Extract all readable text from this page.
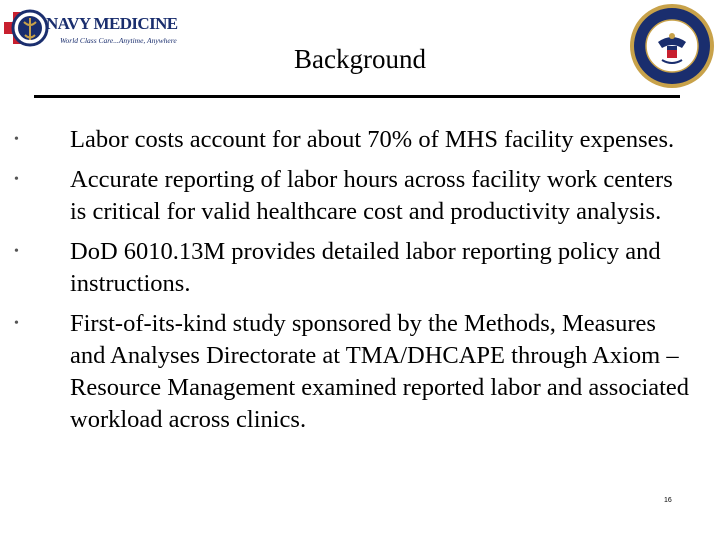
NAVY MEDICINE
World Class Care...Anytime, Anywhere
Background
• Labor costs account for about 70% of MHS facility expenses.
• Accurate reporting of labor hours across facility work centers is critical for valid healthcare cost and productivity analysis.
• DoD 6010.13M provides detailed labor reporting policy and instructions.
• First-of-its-kind study sponsored by the Methods, Measures and Analyses Directorate at TMA/DHCAPE through Axiom – Resource Management examined reported labor and associated workload across clinics.
16
